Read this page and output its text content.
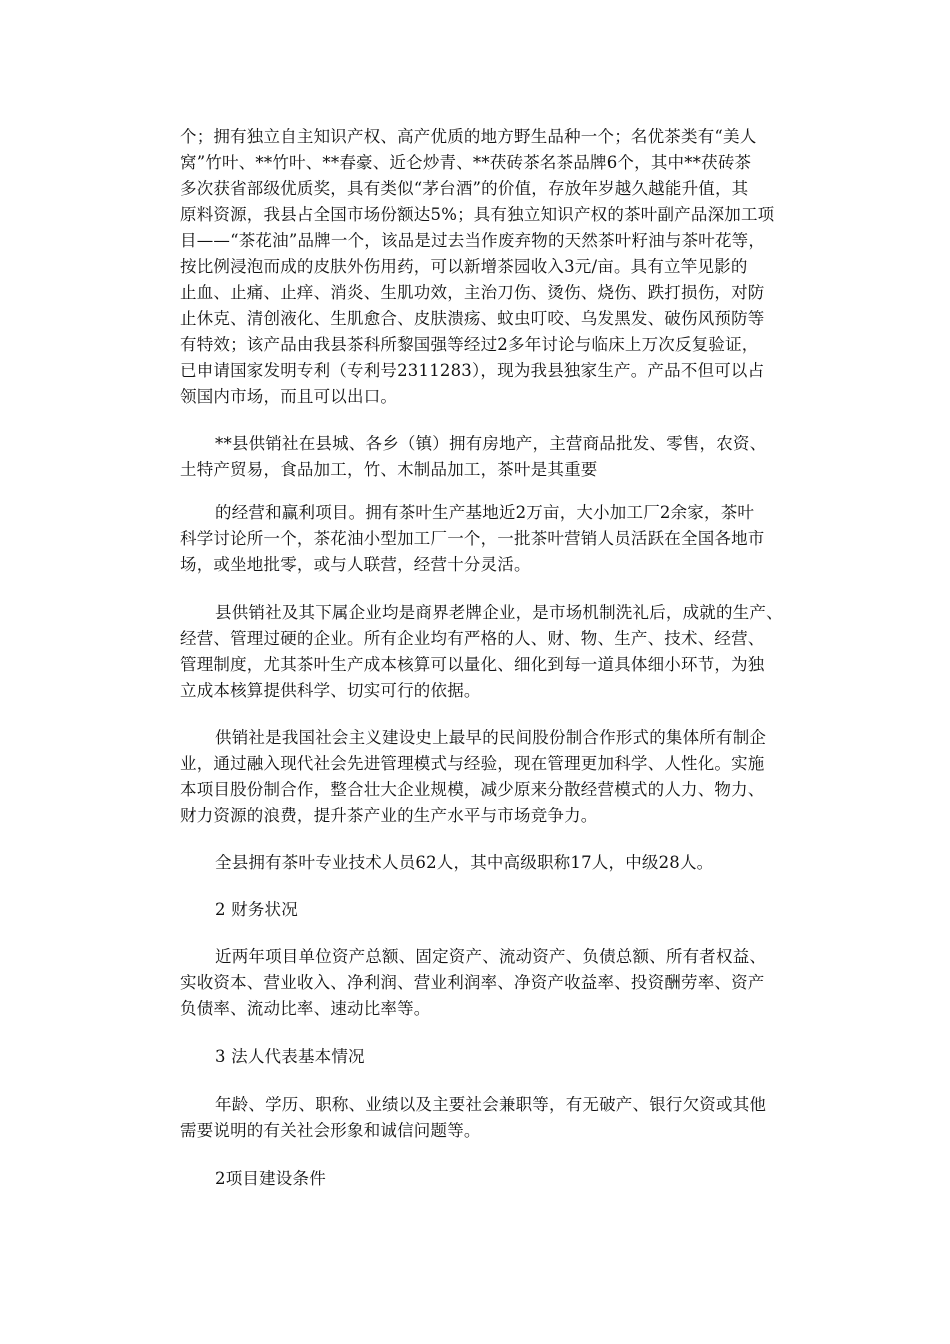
个；拥有独立自主知识产权、高产优质的地方野生品种一个；名优茶类有“美人
窝”竹叶、**竹叶、**春豪、近仑炒青、**茯砖茶名茶品牌6个，其中**茯砖茶
多次获省部级优质奖，具有类似“茅台酒”的价值，存放年岁越久越能升值，其
原料资源，我县占全国市场份额达5%；具有独立知识产权的茶叶副产品深加工项
目——“茶花油”品牌一个，该品是过去当作废弃物的天然茶叶籽油与茶叶花等，
按比例浸泡而成的皮肤外伤用药，可以新增茶园收入3元/亩。具有立竿见影的
止血、止痛、止痒、消炎、生肌功效，主治刀伤、烫伤、烧伤、跌打损伤，对防
止休克、清创液化、生肌愈合、皮肤溃疡、蚊虫叮咬、乌发黑发、破伤风预防等
有特效；该产品由我县茶科所黎国强等经过2多年讨论与临床上万次反复验证，
已申请国家发明专利（专利号2311283），现为我县独家生产。产品不但可以占
领国内市场，而且可以出口。
**县供销社在县城、各乡（镇）拥有房地产，主营商品批发、零售，农资、
土特产贸易，食品加工，竹、木制品加工，茶叶是其重要
的经营和赢利项目。拥有茶叶生产基地近2万亩，大小加工厂2余家，茶叶
科学讨论所一个，茶花油小型加工厂一个，一批茶叶营销人员活跃在全国各地市
场，或坐地批零，或与人联营，经营十分灵活。
县供销社及其下属企业均是商界老牌企业，是市场机制洗礼后，成就的生产、
经营、管理过硬的企业。所有企业均有严格的人、财、物、生产、技术、经营、
管理制度，尤其茶叶生产成本核算可以量化、细化到每一道具体细小环节，为独
立成本核算提供科学、切实可行的依据。
供销社是我国社会主义建设史上最早的民间股份制合作形式的集体所有制企
业，通过融入现代社会先进管理模式与经验，现在管理更加科学、人性化。实施
本项目股份制合作，整合壮大企业规模，减少原来分散经营模式的人力、物力、
财力资源的浪费，提升茶产业的生产水平与市场竞争力。
全县拥有茶叶专业技术人员62人，其中高级职称17人，中级28人。
2 财务状况
近两年项目单位资产总额、固定资产、流动资产、负债总额、所有者权益、
实收资本、营业收入、净利润、营业利润率、净资产收益率、投资酬劳率、资产
负债率、流动比率、速动比率等。
3 法人代表基本情况
年龄、学历、职称、业绩以及主要社会兼职等，有无破产、银行欠资或其他
需要说明的有关社会形象和诚信问题等。
2项目建设条件
